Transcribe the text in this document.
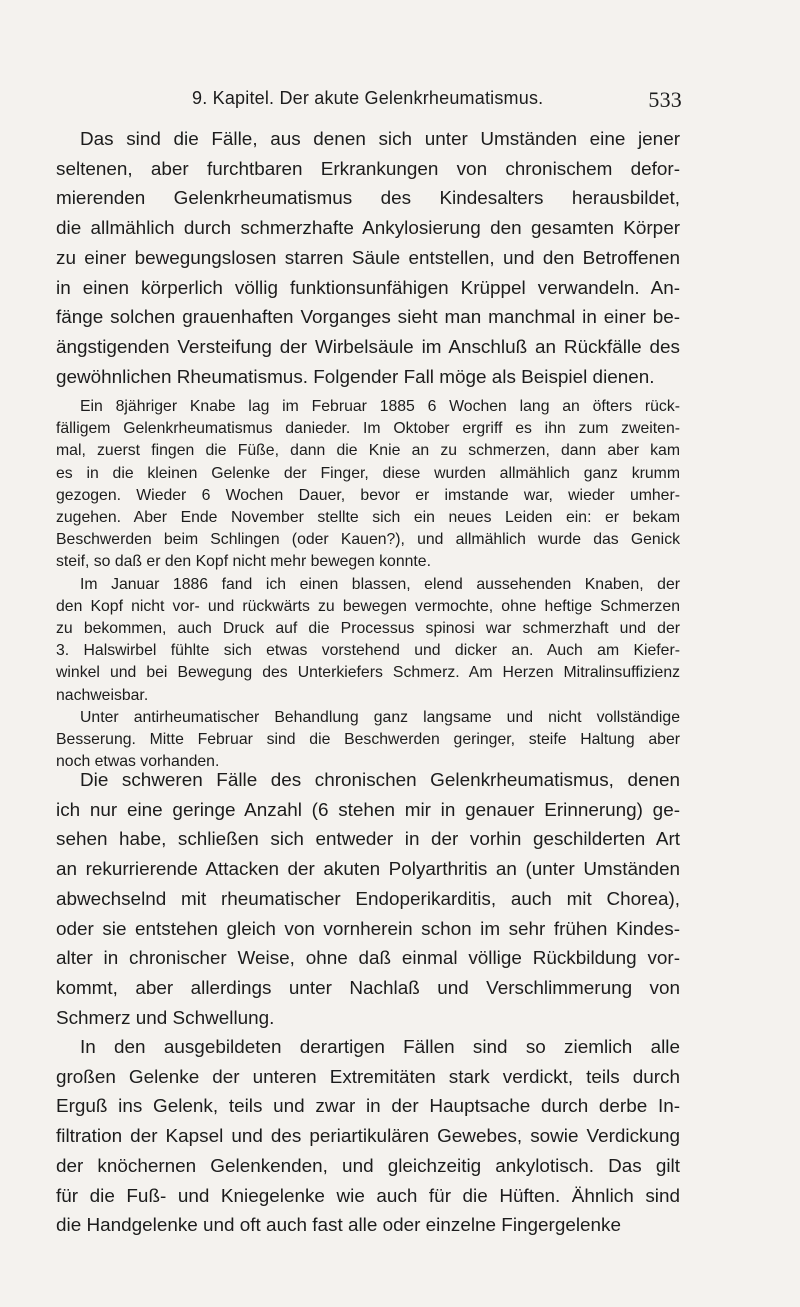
9. Kapitel. Der akute Gelenkrheumatismus.	533
Das sind die Fälle, aus denen sich unter Umständen eine jener
seltenen, aber furchtbaren Erkrankungen von chronischem defor-
mierenden Gelenkrheumatismus des Kindesalters herausbildet,
die allmählich durch schmerzhafte Ankylosierung den gesamten Körper
zu einer bewegungslosen starren Säule entstellen, und den Betroffenen
in einen körperlich völlig funktionsunfähigen Krüppel verwandeln. An-
fänge solchen grauenhaften Vorganges sieht man manchmal in einer be-
ängstigenden Versteifung der Wirbelsäule im Anschluß an Rückfälle des
gewöhnlichen Rheumatismus. Folgender Fall möge als Beispiel dienen.
Ein 8jähriger Knabe lag im Februar 1885 6 Wochen lang an öfters rück-
fälligem Gelenkrheumatismus danieder. Im Oktober ergriff es ihn zum zweiten-
mal, zuerst fingen die Füße, dann die Knie an zu schmerzen, dann aber kam
es in die kleinen Gelenke der Finger, diese wurden allmählich ganz krumm
gezogen. Wieder 6 Wochen Dauer, bevor er imstande war, wieder umher-
zugehen. Aber Ende November stellte sich ein neues Leiden ein: er bekam
Beschwerden beim Schlingen (oder Kauen?), und allmählich wurde das Genick
steif, so daß er den Kopf nicht mehr bewegen konnte.
Im Januar 1886 fand ich einen blassen, elend aussehenden Knaben, der
den Kopf nicht vor- und rückwärts zu bewegen vermochte, ohne heftige Schmerzen
zu bekommen, auch Druck auf die Processus spinosi war schmerzhaft und der
3. Halswirbel fühlte sich etwas vorstehend und dicker an. Auch am Kiefer-
winkel und bei Bewegung des Unterkiefers Schmerz. Am Herzen Mitralinsuffizienz
nachweisbar.
Unter antirheumatischer Behandlung ganz langsame und nicht vollständige
Besserung. Mitte Februar sind die Beschwerden geringer, steife Haltung aber
noch etwas vorhanden.
Die schweren Fälle des chronischen Gelenkrheumatismus, denen
ich nur eine geringe Anzahl (6 stehen mir in genauer Erinnerung) ge-
sehen habe, schließen sich entweder in der vorhin geschilderten Art
an rekurrierende Attacken der akuten Polyarthritis an (unter Umständen
abwechselnd mit rheumatischer Endoperikarditis, auch mit Chorea),
oder sie entstehen gleich von vornherein schon im sehr frühen Kindes-
alter in chronischer Weise, ohne daß einmal völlige Rückbildung vor-
kommt, aber allerdings unter Nachlaß und Verschlimmerung von
Schmerz und Schwellung.
In den ausgebildeten derartigen Fällen sind so ziemlich alle
großen Gelenke der unteren Extremitäten stark verdickt, teils durch
Erguß ins Gelenk, teils und zwar in der Hauptsache durch derbe In-
filtration der Kapsel und des periartikulären Gewebes, sowie Verdickung
der knöchernen Gelenkenden, und gleichzeitig ankylotisch. Das gilt
für die Fuß- und Kniegelenke wie auch für die Hüften. Ähnlich sind
die Handgelenke und oft auch fast alle oder einzelne Fingergelenke
